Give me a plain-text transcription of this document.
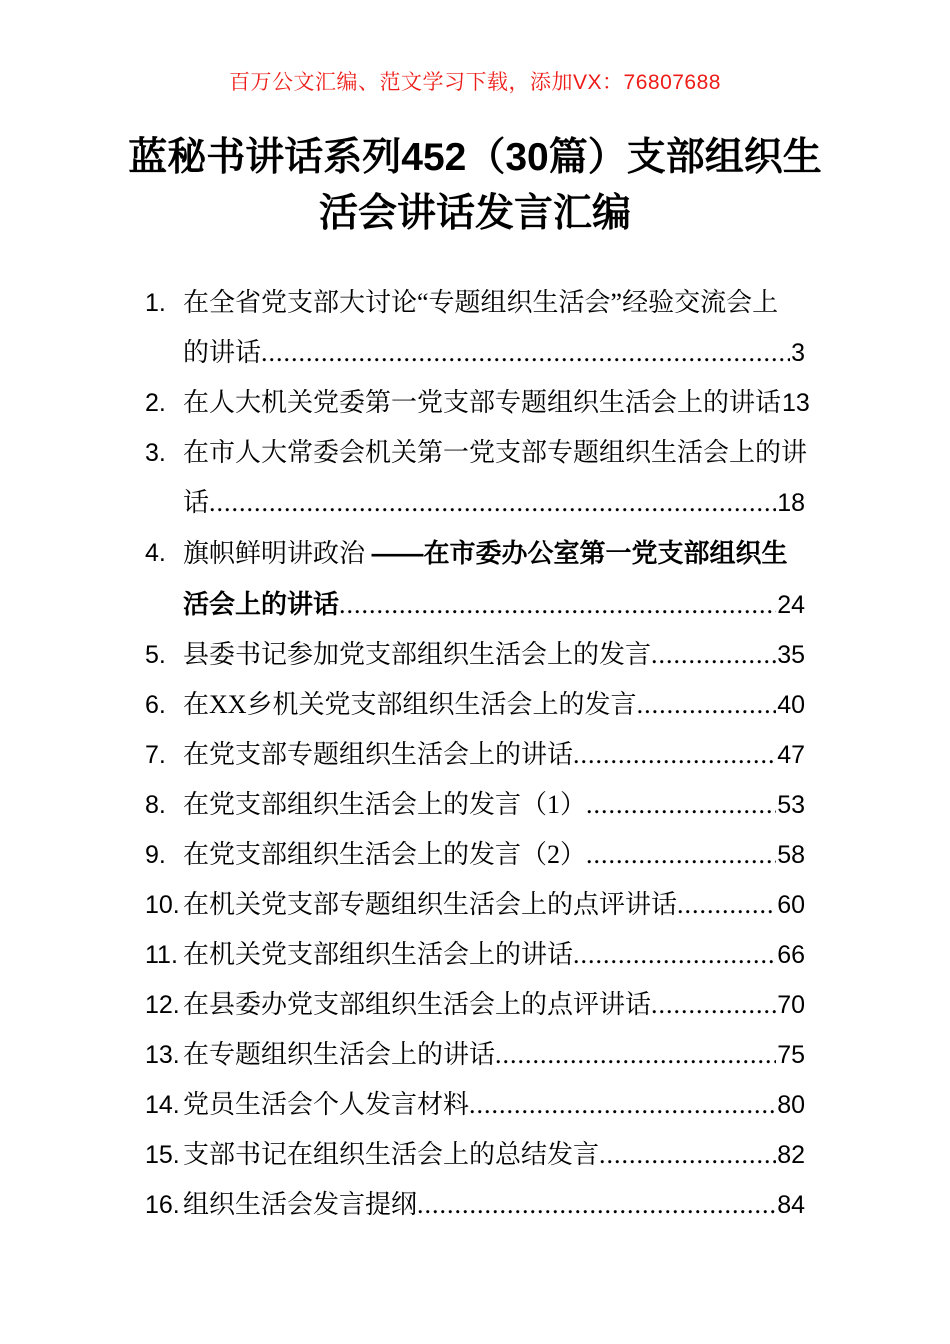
百万公文汇编、范文学习下载，添加VX：76807688
蓝秘书讲话系列452（30篇）支部组织生
活会讲话发言汇编
1. 在全省党支部大讨论“专题组织生活会”经验交流会上
的讲话 .....	3
2. 在人大机关党委第一党支部专题组织生活会上的讲话 13
3. 在市人大常委会机关第一党支部专题组织生活会上的讲
话 .....	18
4. 旗帜鲜明讲政治 ——在市委办公室第一党支部组织生
活会上的讲话 .....	24
5. 县委书记参加党支部组织生活会上的发言 .....	35
6. 在XX乡机关党支部组织生活会上的发言 .....	40
7. 在党支部专题组织生活会上的讲话 .....	47
8. 在党支部组织生活会上的发言（1） .....	53
9. 在党支部组织生活会上的发言（2） .....	58
10. 在机关党支部专题组织生活会上的点评讲话 .....	60
11. 在机关党支部组织生活会上的讲话 .....	66
12. 在县委办党支部组织生活会上的点评讲话 .....	70
13. 在专题组织生活会上的讲话 .....	75
14. 党员生活会个人发言材料 .....	80
15. 支部书记在组织生活会上的总结发言 .....	82
16. 组织生活会发言提纲 .....	84
